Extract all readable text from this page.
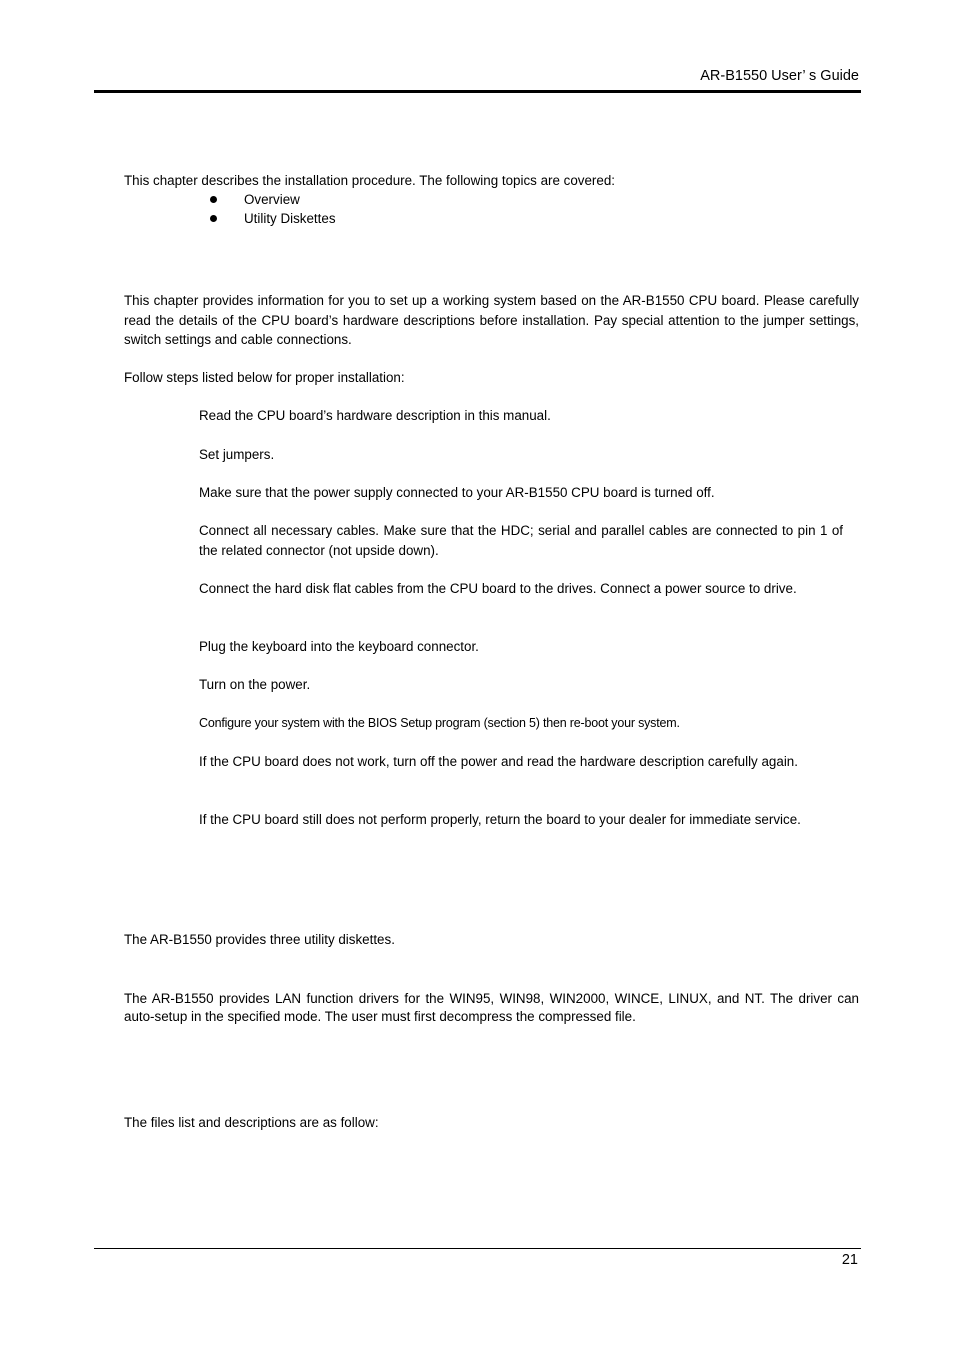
AR-B1550 User’ s Guide
This chapter describes the installation procedure. The following topics are covered:
Overview
Utility Diskettes
This chapter provides information for you to set up a working system based on the AR-B1550 CPU board. Please carefully read the details of the CPU board’s hardware descriptions before installation. Pay special attention to the jumper settings, switch settings and cable connections.
Follow steps listed below for proper installation:
Read the CPU board’s hardware description in this manual.
Set jumpers.
Make sure that the power supply connected to your AR-B1550 CPU board is turned off.
Connect all necessary cables. Make sure that the HDC; serial and parallel cables are connected to pin 1 of the related connector (not upside down).
Connect the hard disk flat cables from the CPU board to the drives. Connect a power source to drive.
Plug the keyboard into the keyboard connector.
Turn on the power.
Configure your system with the BIOS Setup program (section 5) then re-boot your system.
If the CPU board does not work, turn off the power and read the hardware description carefully again.
If the CPU board still does not perform properly, return the board to your dealer for immediate service.
The AR-B1550 provides three utility diskettes.
The AR-B1550 provides LAN function drivers for the WIN95, WIN98, WIN2000, WINCE, LINUX, and NT. The driver can auto-setup in the specified mode. The user must first decompress the compressed file.
The files list and descriptions are as follow:
21
